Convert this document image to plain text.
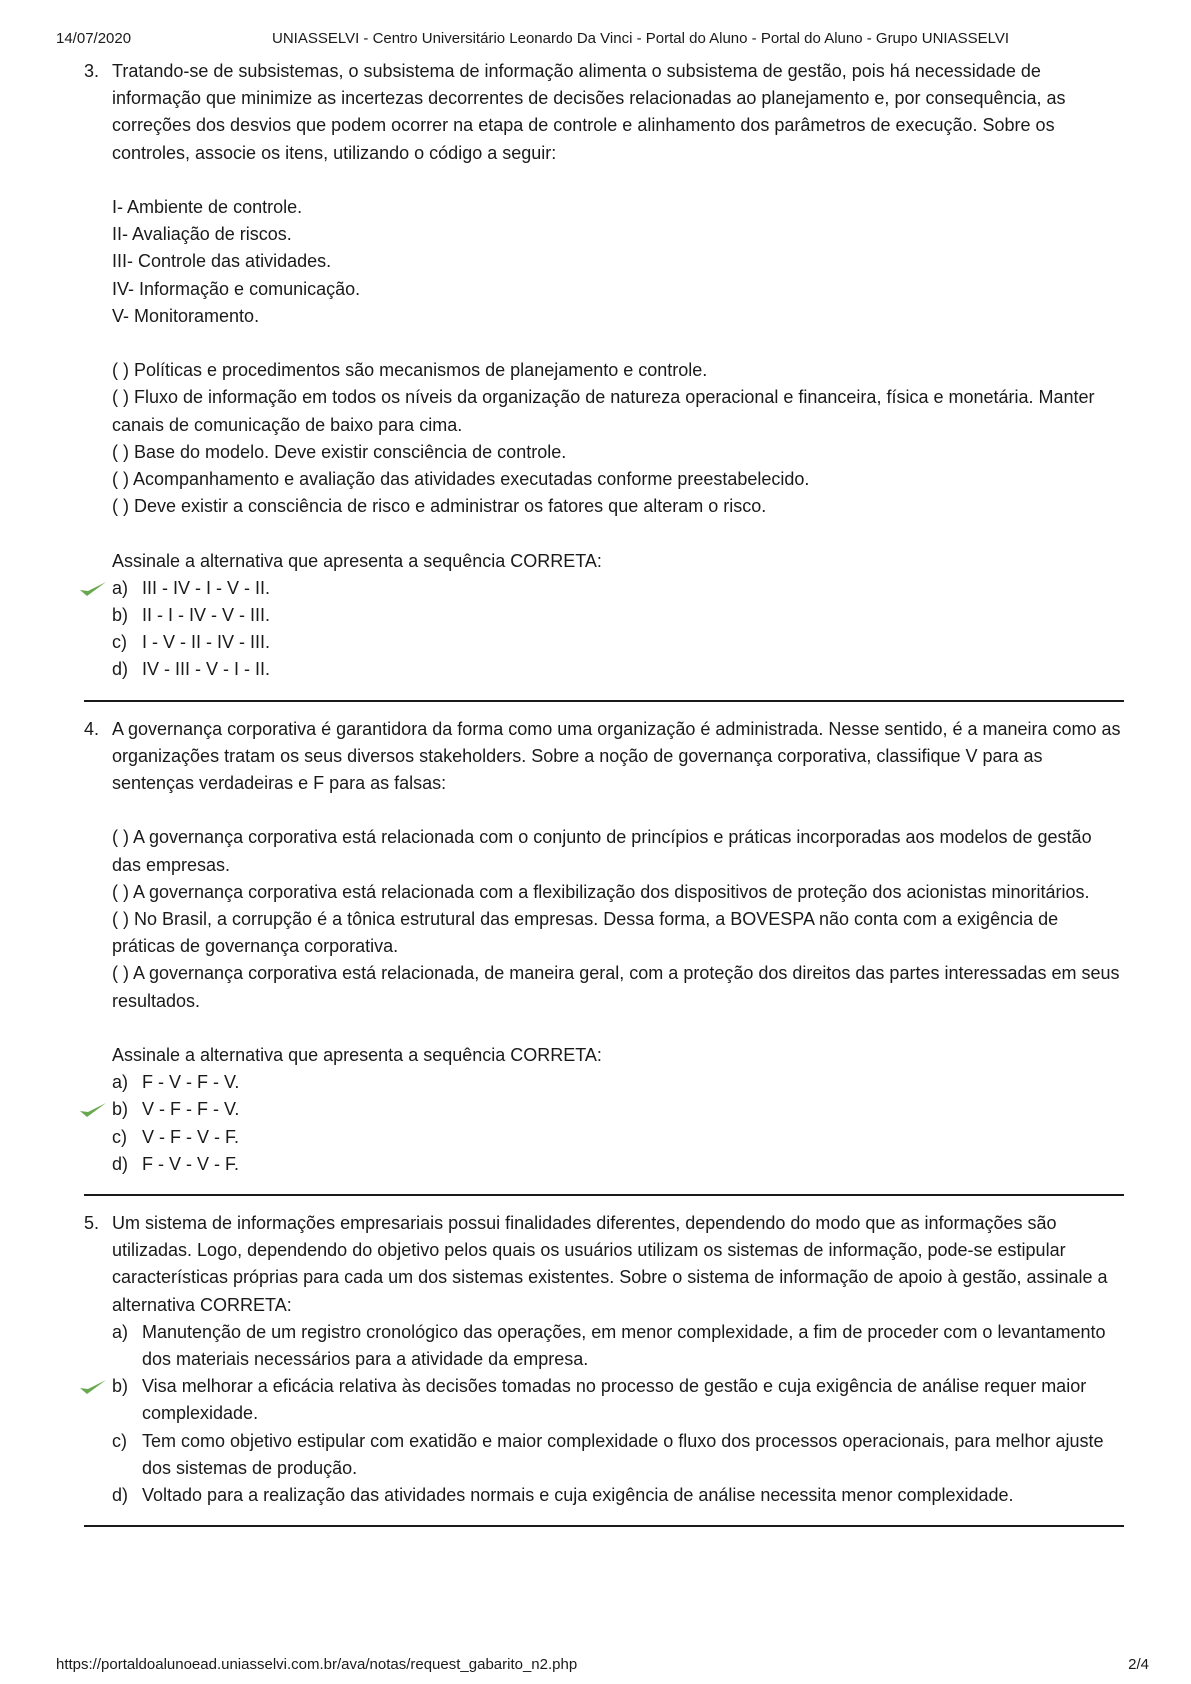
14/07/2020	UNIASSELVI - Centro Universitário Leonardo Da Vinci - Portal do Aluno - Portal do Aluno - Grupo UNIASSELVI
3. Tratando-se de subsistemas, o subsistema de informação alimenta o subsistema de gestão, pois há necessidade de informação que minimize as incertezas decorrentes de decisões relacionadas ao planejamento e, por consequência, as correções dos desvios que podem ocorrer na etapa de controle e alinhamento dos parâmetros de execução. Sobre os controles, associe os itens, utilizando o código a seguir:
I- Ambiente de controle.
II- Avaliação de riscos.
III- Controle das atividades.
IV- Informação e comunicação.
V- Monitoramento.
( ) Políticas e procedimentos são mecanismos de planejamento e controle.
( ) Fluxo de informação em todos os níveis da organização de natureza operacional e financeira, física e monetária. Manter canais de comunicação de baixo para cima.
( ) Base do modelo. Deve existir consciência de controle.
( ) Acompanhamento e avaliação das atividades executadas conforme preestabelecido.
( ) Deve existir a consciência de risco e administrar os fatores que alteram o risco.
Assinale a alternativa que apresenta a sequência CORRETA:
a) III - IV - I - V - II.
b) II - I - IV - V - III.
c) I - V - II - IV - III.
d) IV - III - V - I - II.
4. A governança corporativa é garantidora da forma como uma organização é administrada. Nesse sentido, é a maneira como as organizações tratam os seus diversos stakeholders. Sobre a noção de governança corporativa, classifique V para as sentenças verdadeiras e F para as falsas:
( ) A governança corporativa está relacionada com o conjunto de princípios e práticas incorporadas aos modelos de gestão das empresas.
( ) A governança corporativa está relacionada com a flexibilização dos dispositivos de proteção dos acionistas minoritários.
( ) No Brasil, a corrupção é a tônica estrutural das empresas. Dessa forma, a BOVESPA não conta com a exigência de práticas de governança corporativa.
( ) A governança corporativa está relacionada, de maneira geral, com a proteção dos direitos das partes interessadas em seus resultados.
Assinale a alternativa que apresenta a sequência CORRETA:
a) F - V - F - V.
b) V - F - F - V.
c) V - F - V - F.
d) F - V - V - F.
5. Um sistema de informações empresariais possui finalidades diferentes, dependendo do modo que as informações são utilizadas. Logo, dependendo do objetivo pelos quais os usuários utilizam os sistemas de informação, pode-se estipular características próprias para cada um dos sistemas existentes. Sobre o sistema de informação de apoio à gestão, assinale a alternativa CORRETA:
a) Manutenção de um registro cronológico das operações, em menor complexidade, a fim de proceder com o levantamento dos materiais necessários para a atividade da empresa.
b) Visa melhorar a eficácia relativa às decisões tomadas no processo de gestão e cuja exigência de análise requer maior complexidade.
c) Tem como objetivo estipular com exatidão e maior complexidade o fluxo dos processos operacionais, para melhor ajuste dos sistemas de produção.
d) Voltado para a realização das atividades normais e cuja exigência de análise necessita menor complexidade.
https://portaldoalunoead.uniasselvi.com.br/ava/notas/request_gabarito_n2.php	2/4
